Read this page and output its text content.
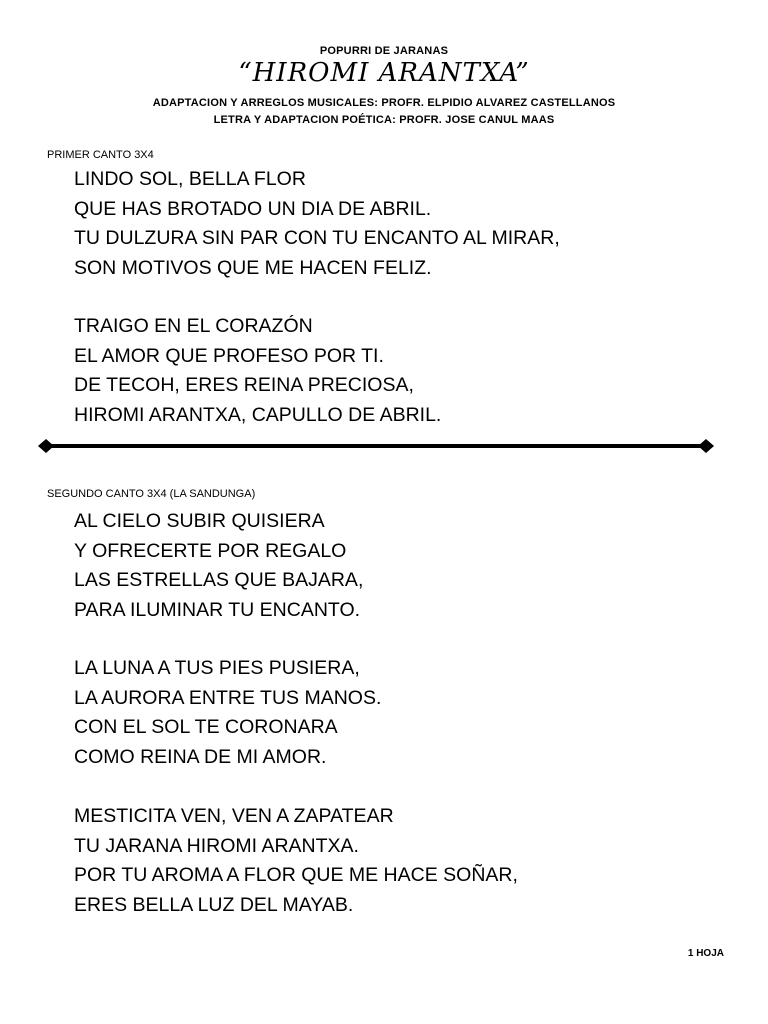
POPURRI DE JARANAS
“HIROMI ARANTXA”
ADAPTACION Y ARREGLOS MUSICALES: PROFR. ELPIDIO ALVAREZ CASTELLANOS
LETRA Y ADAPTACION POÉTICA: PROFR. JOSE CANUL MAAS
PRIMER CANTO 3X4
LINDO SOL, BELLA FLOR
QUE HAS BROTADO UN DIA DE ABRIL.
TU DULZURA SIN PAR CON TU ENCANTO AL MIRAR,
SON MOTIVOS QUE ME HACEN FELIZ.
TRAIGO EN EL CORAZÓN
EL AMOR QUE PROFESO POR TI.
DE TECOH, ERES REINA PRECIOSA,
HIROMI ARANTXA, CAPULLO DE ABRIL.
SEGUNDO CANTO 3X4 (LA SANDUNGA)
AL CIELO SUBIR QUISIERA
Y OFRECERTE POR REGALO
LAS ESTRELLAS QUE BAJARA,
PARA ILUMINAR TU ENCANTO.
LA LUNA A TUS PIES PUSIERA,
LA AURORA ENTRE TUS MANOS.
CON EL SOL TE CORONARA
COMO REINA DE MI AMOR.
MESTICITA VEN, VEN A ZAPATEAR
TU JARANA HIROMI ARANTXA.
POR TU AROMA A FLOR QUE ME HACE SOÑAR,
ERES BELLA LUZ DEL MAYAB.
1 HOJA
